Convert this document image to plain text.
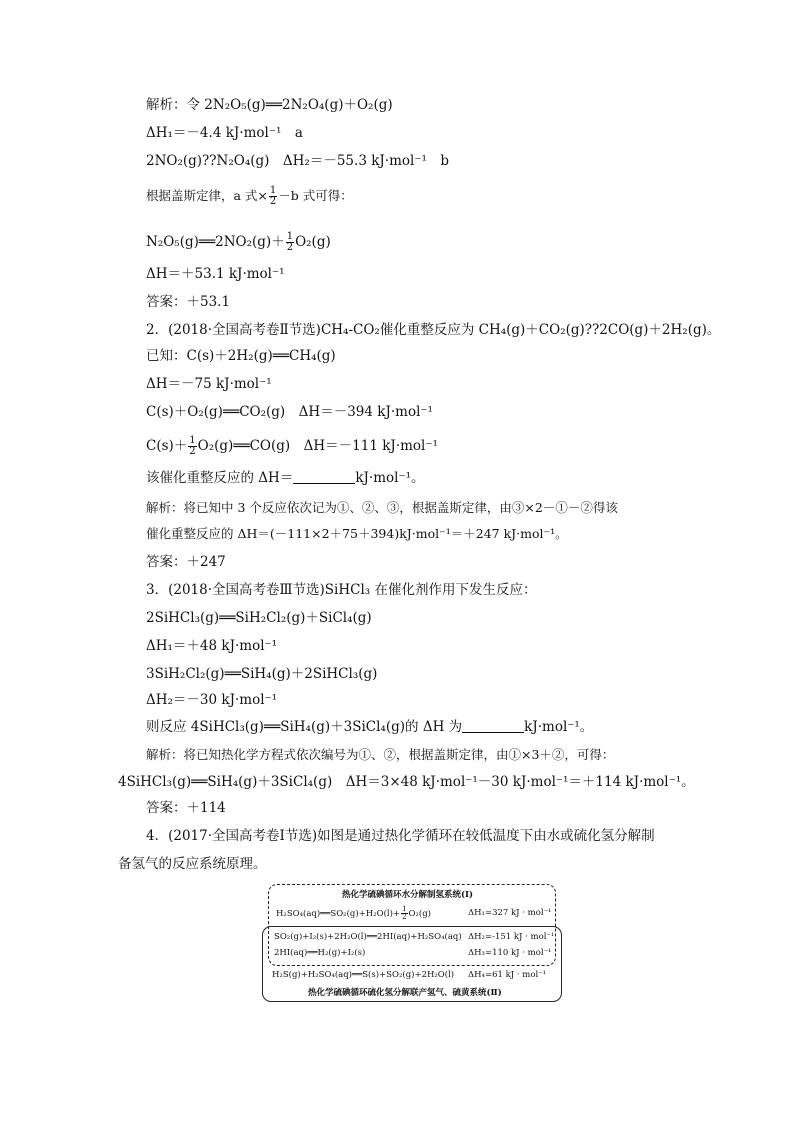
解析：令 2N₂O₅(g)══2N₂O₄(g)＋O₂(g)
ΔH₁＝－4.4 kJ·mol⁻¹　a
2NO₂(g)??N₂O₄(g)　ΔH₂＝－55.3 kJ·mol⁻¹　b
根据盖斯定律，a 式× $\frac{1}{2} -b$ 式可得：
N₂O₅(g)══2NO₂(g)＋ $\frac{1}{2} O_2(g)$
ΔH＝＋53.1 kJ·mol⁻¹
答案：＋53.1
2．(2018·全国高考卷Ⅱ节选)CH₄-CO₂催化重整反应为 CH₄(g)＋CO₂(g)??2CO(g)＋2H₂(g)。
已知：C(s)＋2H₂(g)══CH₄(g)
ΔH＝－75 kJ·mol⁻¹
C(s)＋O₂(g)══CO₂(g)　ΔH＝－394 kJ·mol⁻¹
$C(s)+ \frac{1}{2}$ O₂(g)══CO(g)　ΔH＝－111 kJ·mol⁻¹
该催化重整反应的 ΔH＝	kJ·mol⁻¹。
解析：将已知中 3 个反应依次记为①、②、③，根据盖斯定律，由③×2－①－②得该
催化重整反应的 ΔH＝(－111×2＋75＋394)kJ·mol⁻¹＝＋247 kJ·mol⁻¹。
答案：＋247
3．(2018·全国高考卷Ⅲ节选)SiHCl₃ 在催化剂作用下发生反应：
2SiHCl₃(g)══SiH₂Cl₂(g)＋SiCl₄(g)
ΔH₁＝＋48 kJ·mol⁻¹
3SiH₂Cl₂(g)══SiH₄(g)＋2SiHCl₃(g)
ΔH₂＝－30 kJ·mol⁻¹
则反应 4SiHCl₃(g)══SiH₄(g)＋3SiCl₄(g)的 ΔH 为	kJ·mol⁻¹。
解析：将已知热化学方程式依次编号为①、②，根据盖斯定律，由①×3＋②，可得：
4SiHCl₃(g)══SiH₄(g)＋3SiCl₄(g)　ΔH＝3×48 kJ·mol⁻¹－30 kJ·mol⁻¹＝＋114 kJ·mol⁻¹。
答案：＋114
4．(2017·全国高考卷Ⅰ节选)如图是通过热化学循环在较低温度下由水或硫化氢分解制
备氢气的反应系统原理。
热化学硫碘循环水分解制氢系统(Ⅰ)
H₂SO₄(aq)══SO₂(g)+H₂O(l)+ $\frac{1}{2} O_2(g)$	ΔH₁=327 kJ · mol⁻¹
SO₂(g)+I₂(s)+2H₂O(l)══2HI(aq)+H₂SO₄(aq) ΔH₂=-151 kJ · mol⁻¹
2HI(aq)══H₂(g)+I₂(s)	ΔH₃=110 kJ · mol⁻¹
H₂S(g)+H₂SO₄(aq)══S(s)+SO₂(g)+2H₂O(l) ΔH₄=61 kJ · mol⁻¹
热化学硫碘循环硫化氢分解联产氢气、硫黄系统(Ⅱ)
